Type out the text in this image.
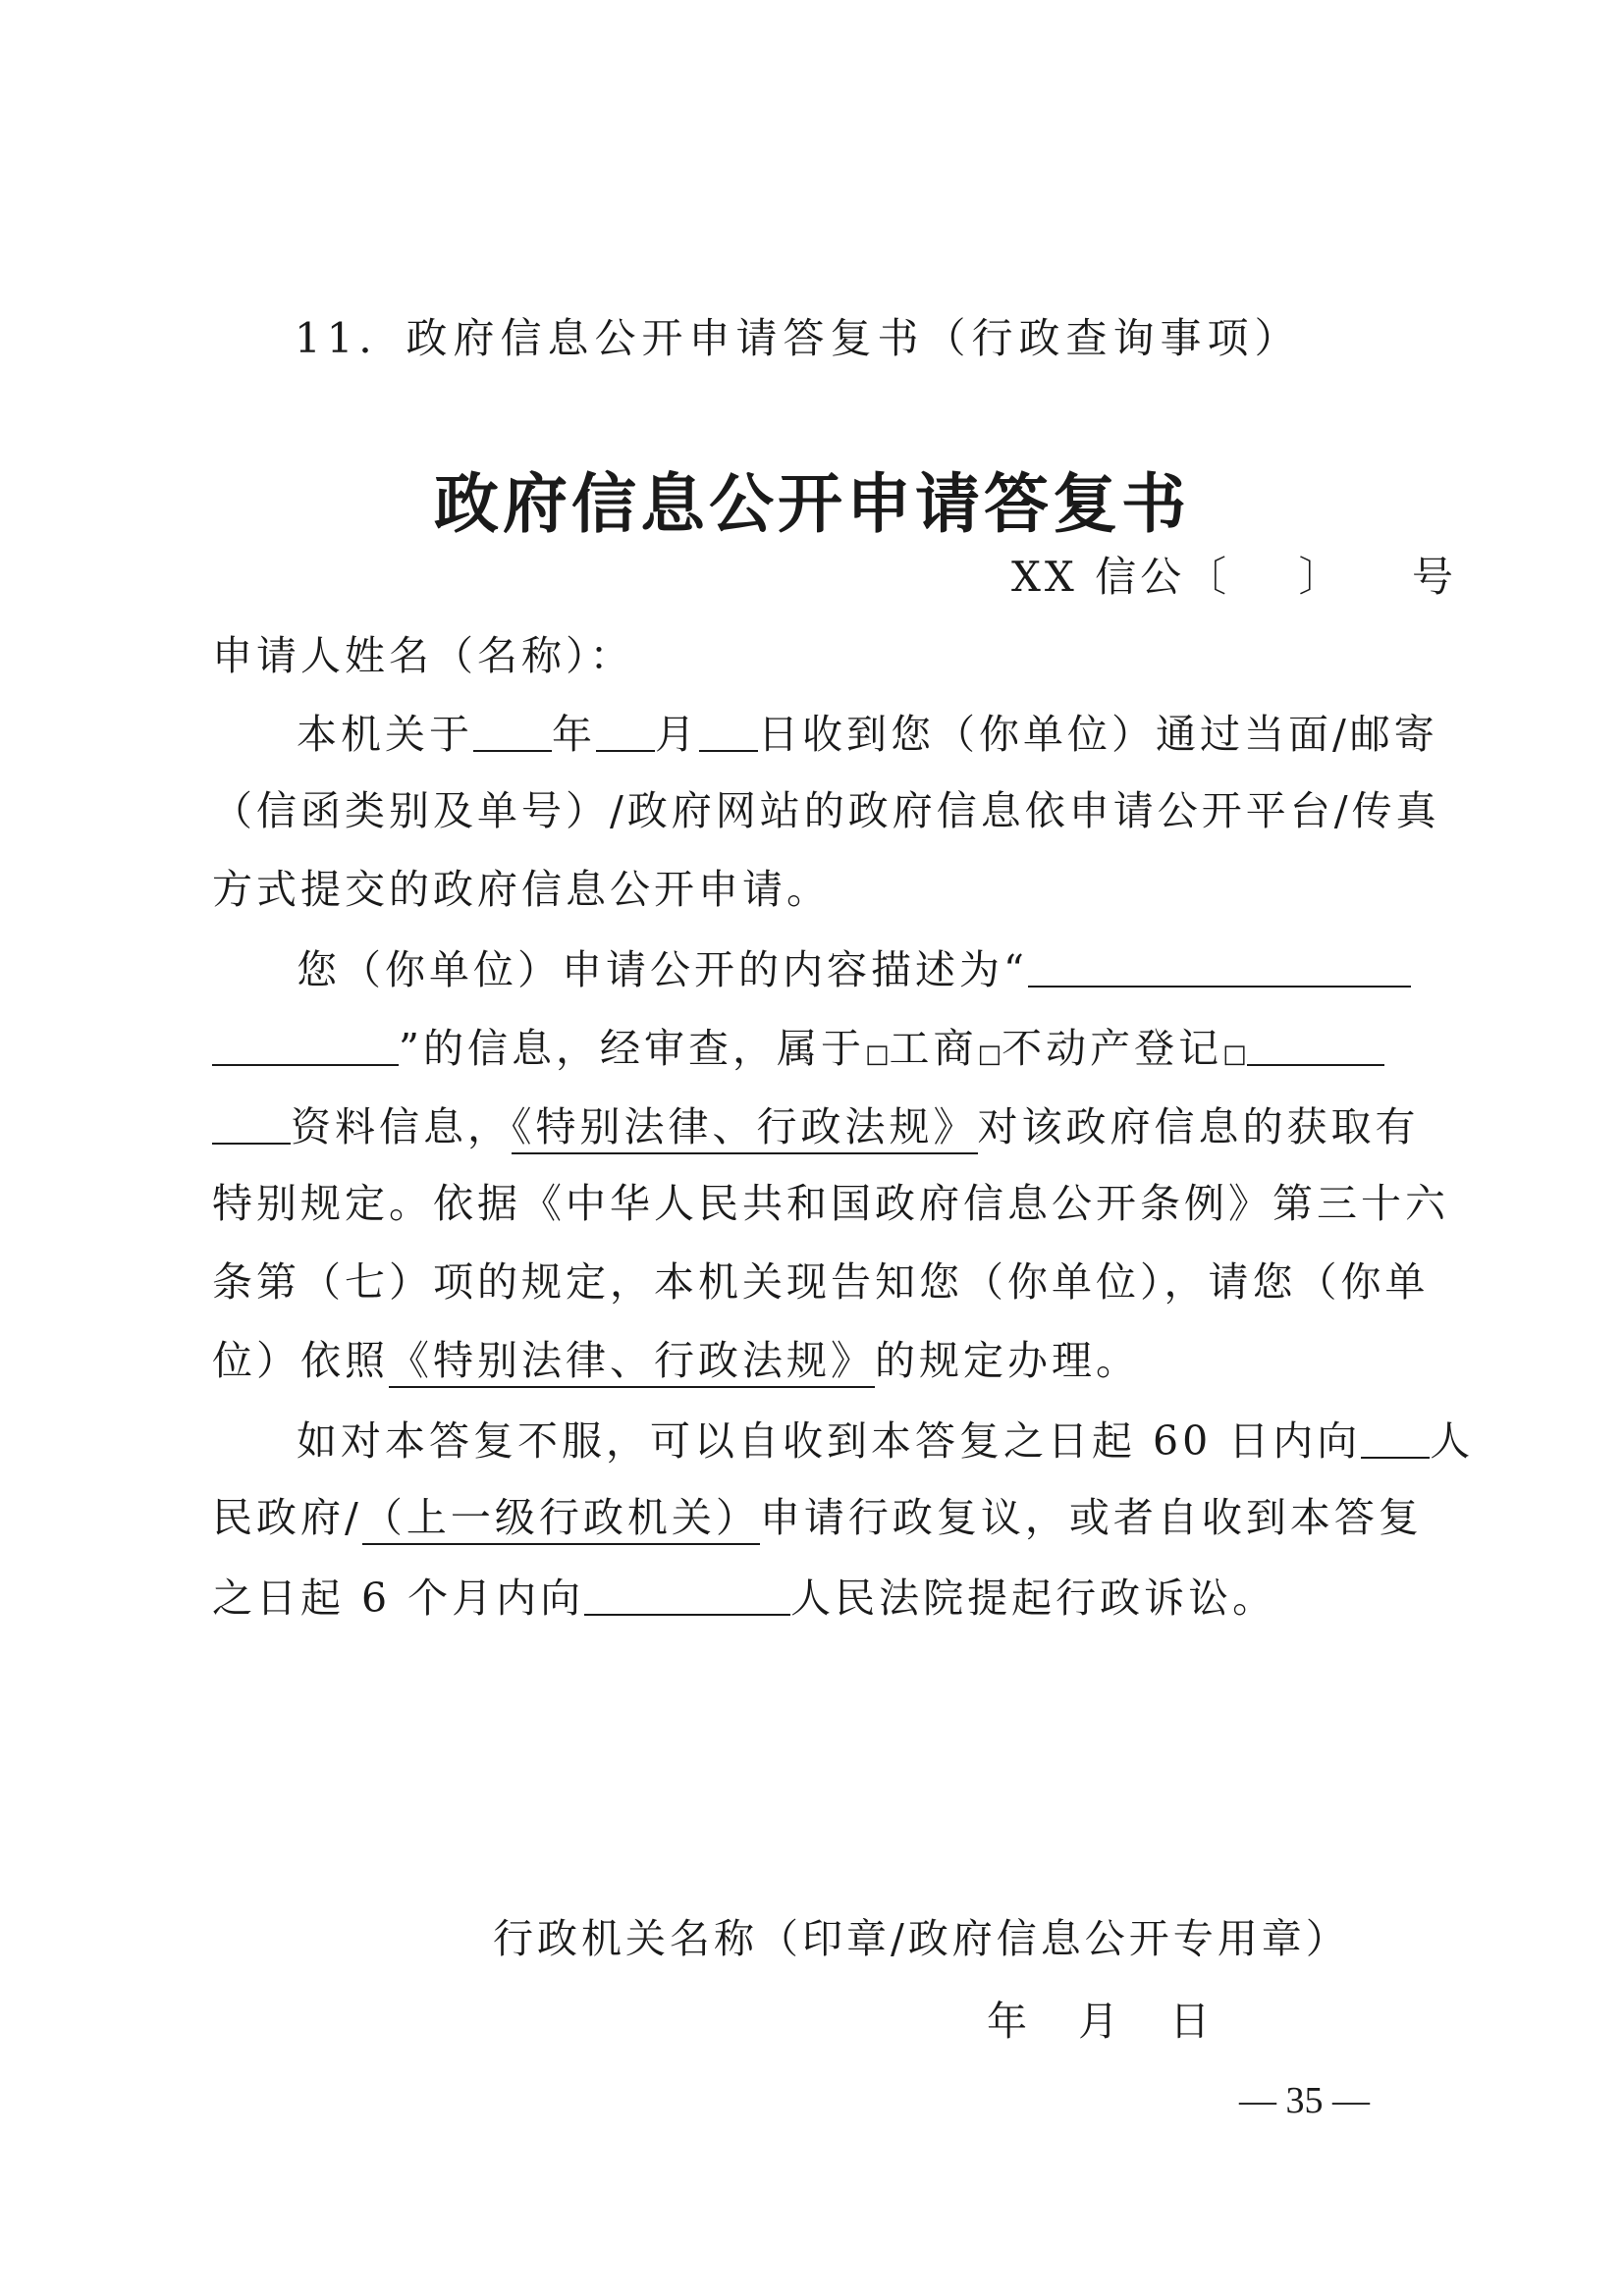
11．政府信息公开申请答复书（行政查询事项）
政府信息公开申请答复书
XX 信公〔    〕    号
申请人姓名（名称）：
本机关于 年 月 日收到您（你单位）通过当面/邮寄
（信函类别及单号）/政府网站的政府信息依申请公开平台/传真
方式提交的政府信息公开申请。
您（你单位）申请公开的内容描述为“
”的信息，经审查，属于□工商□不动产登记□
资料信息，《特别法律、行政法规》对该政府信息的获取有
特别规定。依据《中华人民共和国政府信息公开条例》第三十六
条第（七）项的规定，本机关现告知您（你单位），请您（你单
位）依照《特别法律、行政法规》的规定办理。
如对本答复不服，可以自收到本答复之日起 60 日内向 人
民政府/（上一级行政机关）申请行政复议，或者自收到本答复
之日起 6 个月内向	人民法院提起行政诉讼。
行政机关名称（印章/政府信息公开专用章）
年    月    日
— 35 —
